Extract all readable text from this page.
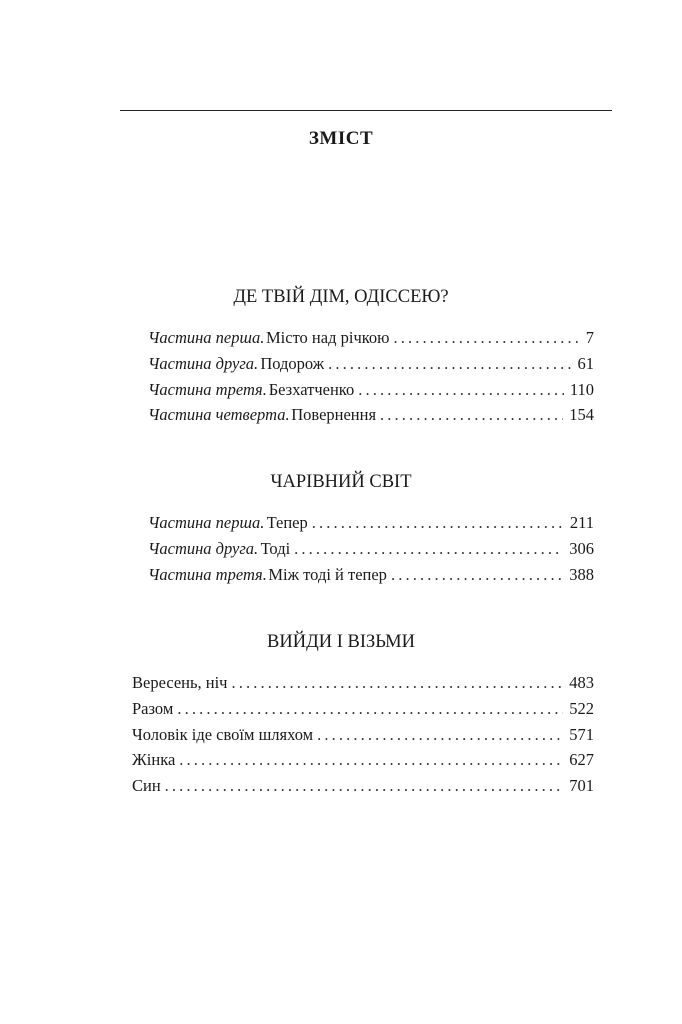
ЗМІСТ
ДЕ ТВІЙ ДІМ, ОДІССЕЮ?
Частина перша. Місто над річкою . . .	7
Частина друга. Подорож . . .	61
Частина третя. Безхатченко . . .	110
Частина четверта. Повернення . . .	154
ЧАРІВНИЙ СВІТ
Частина перша. Тепер . . .	211
Частина друга. Тоді . . .	306
Частина третя. Між тоді й тепер . . .	388
ВИЙДИ І ВІЗЬМИ
Вересень, ніч . . .	483
Разом . . .	522
Чоловік іде своїм шляхом . . .	571
Жінка . . .	627
Син . . .	701
